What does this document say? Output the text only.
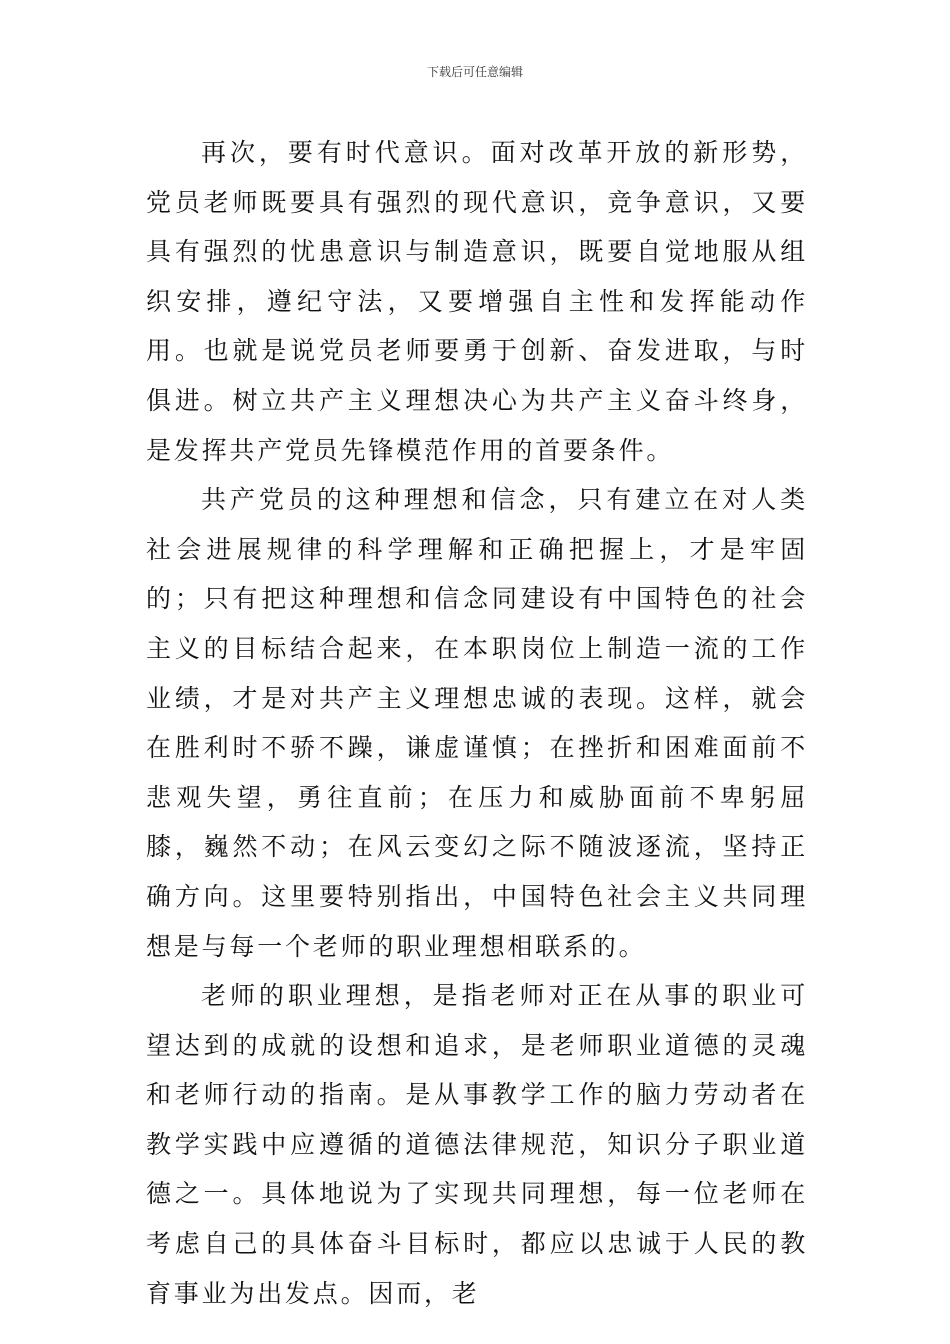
下载后可任意编辑

再次，要有时代意识。面对改革开放的新形势，党员老师既要具有强烈的现代意识，竞争意识，又要具有强烈的忧患意识与制造意识，既要自觉地服从组织安排，遵纪守法，又要增强自主性和发挥能动作用。也就是说党员老师要勇于创新、奋发进取，与时俱进。树立共产主义理想决心为共产主义奋斗终身，是发挥共产党员先锋模范作用的首要条件。

共产党员的这种理想和信念，只有建立在对人类社会进展规律的科学理解和正确把握上，才是牢固的；只有把这种理想和信念同建设有中国特色的社会主义的目标结合起来，在本职岗位上制造一流的工作业绩，才是对共产主义理想忠诚的表现。这样，就会在胜利时不骄不躁，谦虚谨慎；在挫折和困难面前不悲观失望，勇往直前；在压力和威胁面前不卑躬屈膝，巍然不动；在风云变幻之际不随波逐流，坚持正确方向。这里要特别指出，中国特色社会主义共同理想是与每一个老师的职业理想相联系的。

老师的职业理想，是指老师对正在从事的职业可望达到的成就的设想和追求，是老师职业道德的灵魂和老师行动的指南。是从事教学工作的脑力劳动者在教学实践中应遵循的道德法律规范，知识分子职业道德之一。具体地说为了实现共同理想，每一位老师在考虑自己的具体奋斗目标时，都应以忠诚于人民的教育事业为出发点。因而，老
